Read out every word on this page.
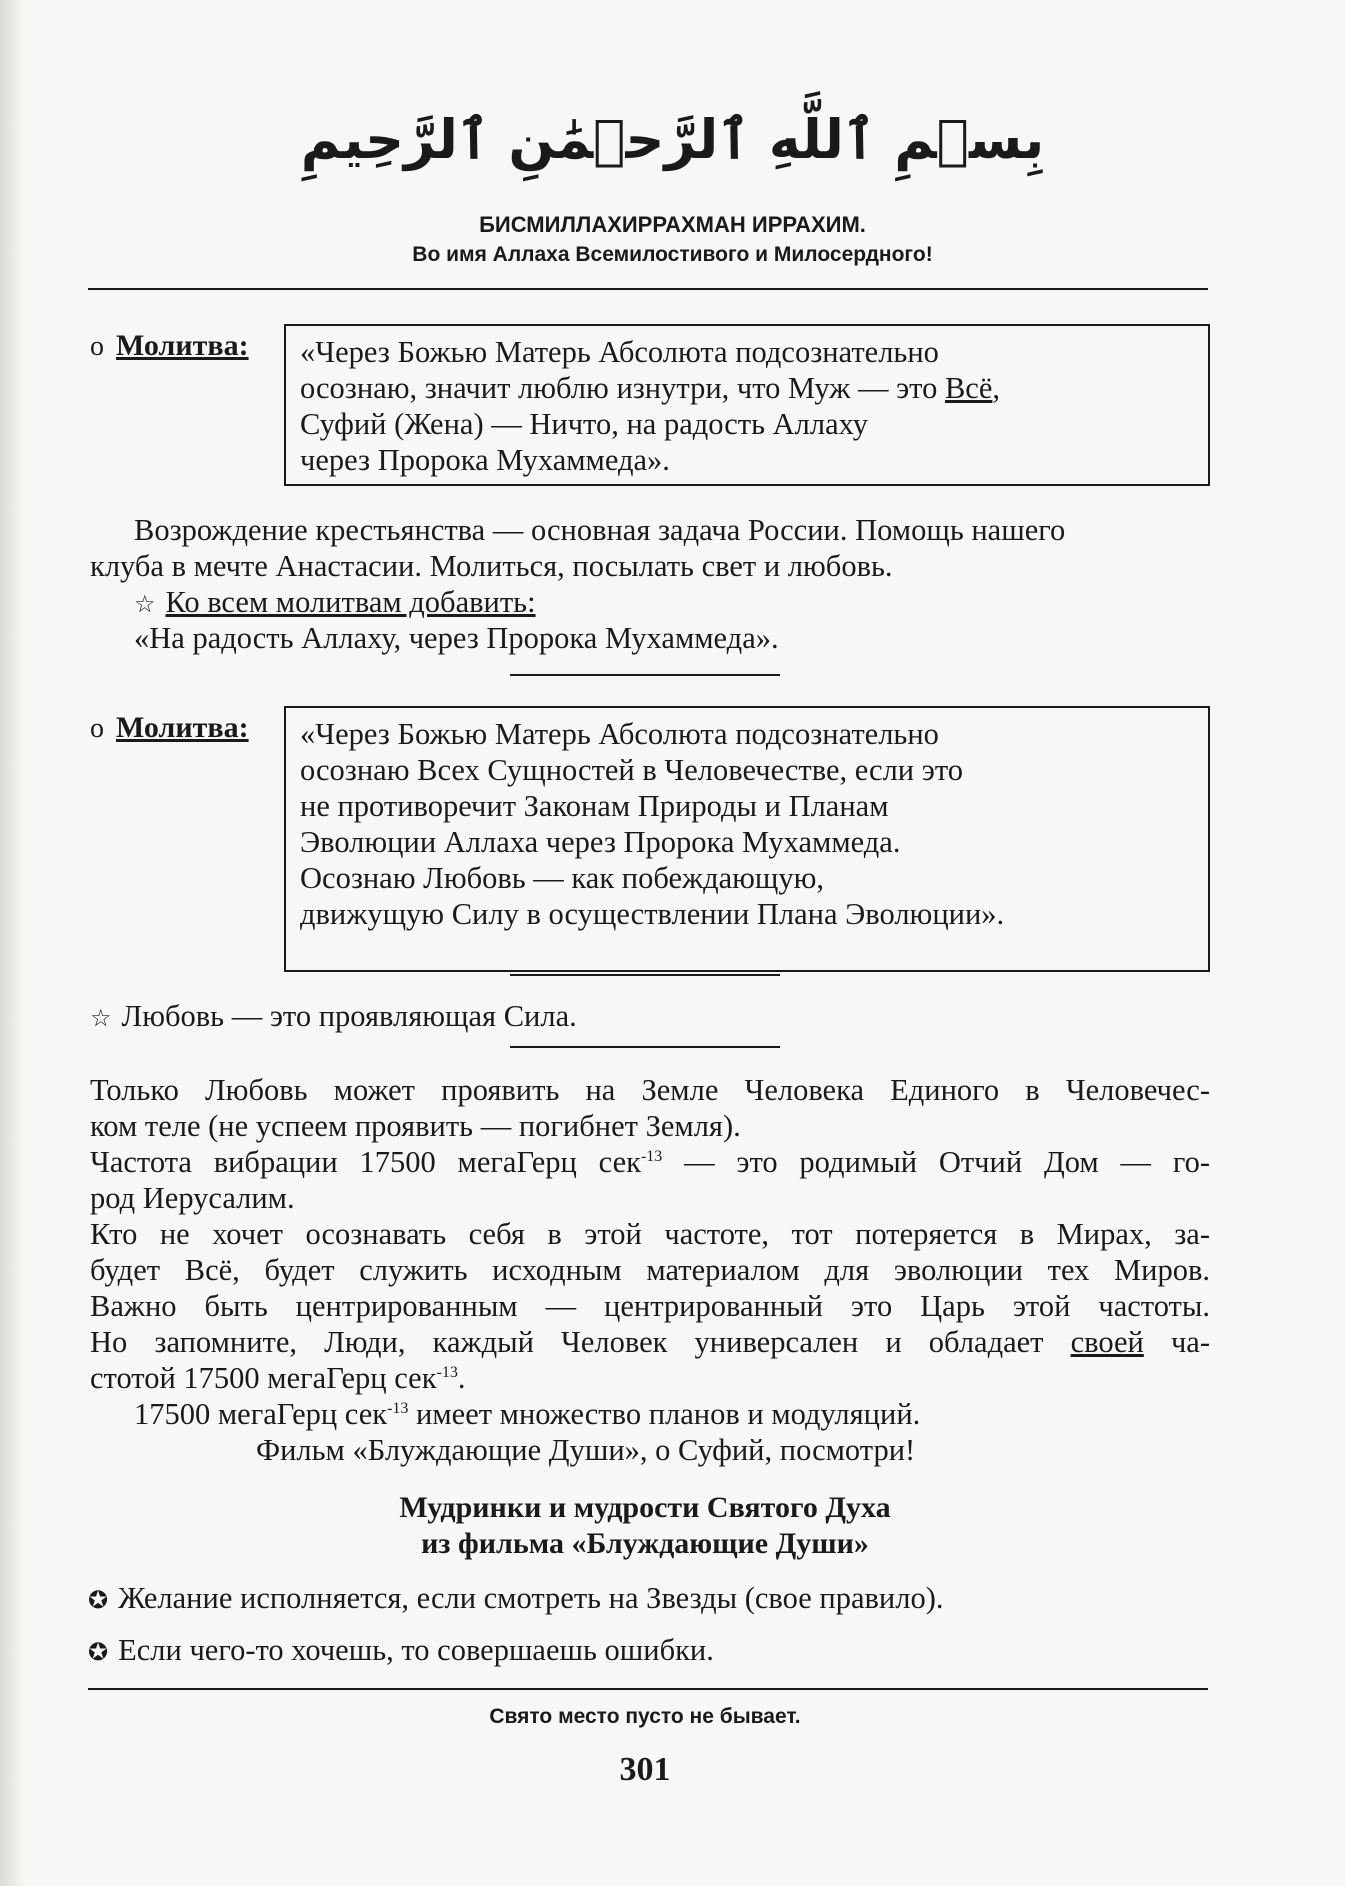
بِسۡمِ ٱللَّهِ ٱلرَّحۡمَٰنِ ٱلرَّحِيمِ
БИСМИЛЛАХИРРАХМАН ИРРАХИМ.
Во имя Аллаха Всемилостивого и Милосердного!
o Молитва: «Через Божью Матерь Абсолюта подсознательно

осознаю, значит люблю изнутри, что Муж — это Всё,

Суфий (Жена) — Ничто, на радость Аллаху

через Пророка Мухаммеда».

Возрождение крестьянства — основная задача России. Помощь нашего
клуба в мечте Анастасии. Молиться, посылать свет и любовь.
☆ Ко всем молитвам добавить:
«На радость Аллаху, через Пророка Мухаммеда».
o Молитва: «Через Божью Матерь Абсолюта подсознательно

осознаю Всех Сущностей в Человечестве, если это

не противоречит Законам Природы и Планам

Эволюции Аллаха через Пророка Мухаммеда.

Осознаю Любовь — как побеждающую,

движущую Силу в осуществлении Плана Эволюции».

☆ Любовь — это проявляющая Сила.
Только Любовь может проявить на Земле Человека Единого в Человечес-
ком теле (не успеем проявить — погибнет Земля).
Частота вибрации 17500 мегаГерц сек$^{-13}$ — это родимый Отчий Дом — го-
род Иерусалим.
Кто не хочет осознавать себя в этой частоте, тот потеряется в Мирах, за-
будет Всё, будет служить исходным материалом для эволюции тех Миров.
Важно быть центрированным — центрированный это Царь этой частоты.
Но запомните, Люди, каждый Человек универсален и обладает своей ча-
стотой 17500 мегаГерц сек$^{-13}$.
17500 мегаГерц сек$^{-13}$ имеет множество планов и модуляций.
Фильм «Блуждающие Души», о Суфий, посмотри!
Мудринки и мудрости Святого Духа
из фильма «Блуждающие Души»
✪ Желание исполняется, если смотреть на Звезды (свое правило).
✪ Если чего-то хочешь, то совершаешь ошибки.
Свято место пусто не бывает.
301
